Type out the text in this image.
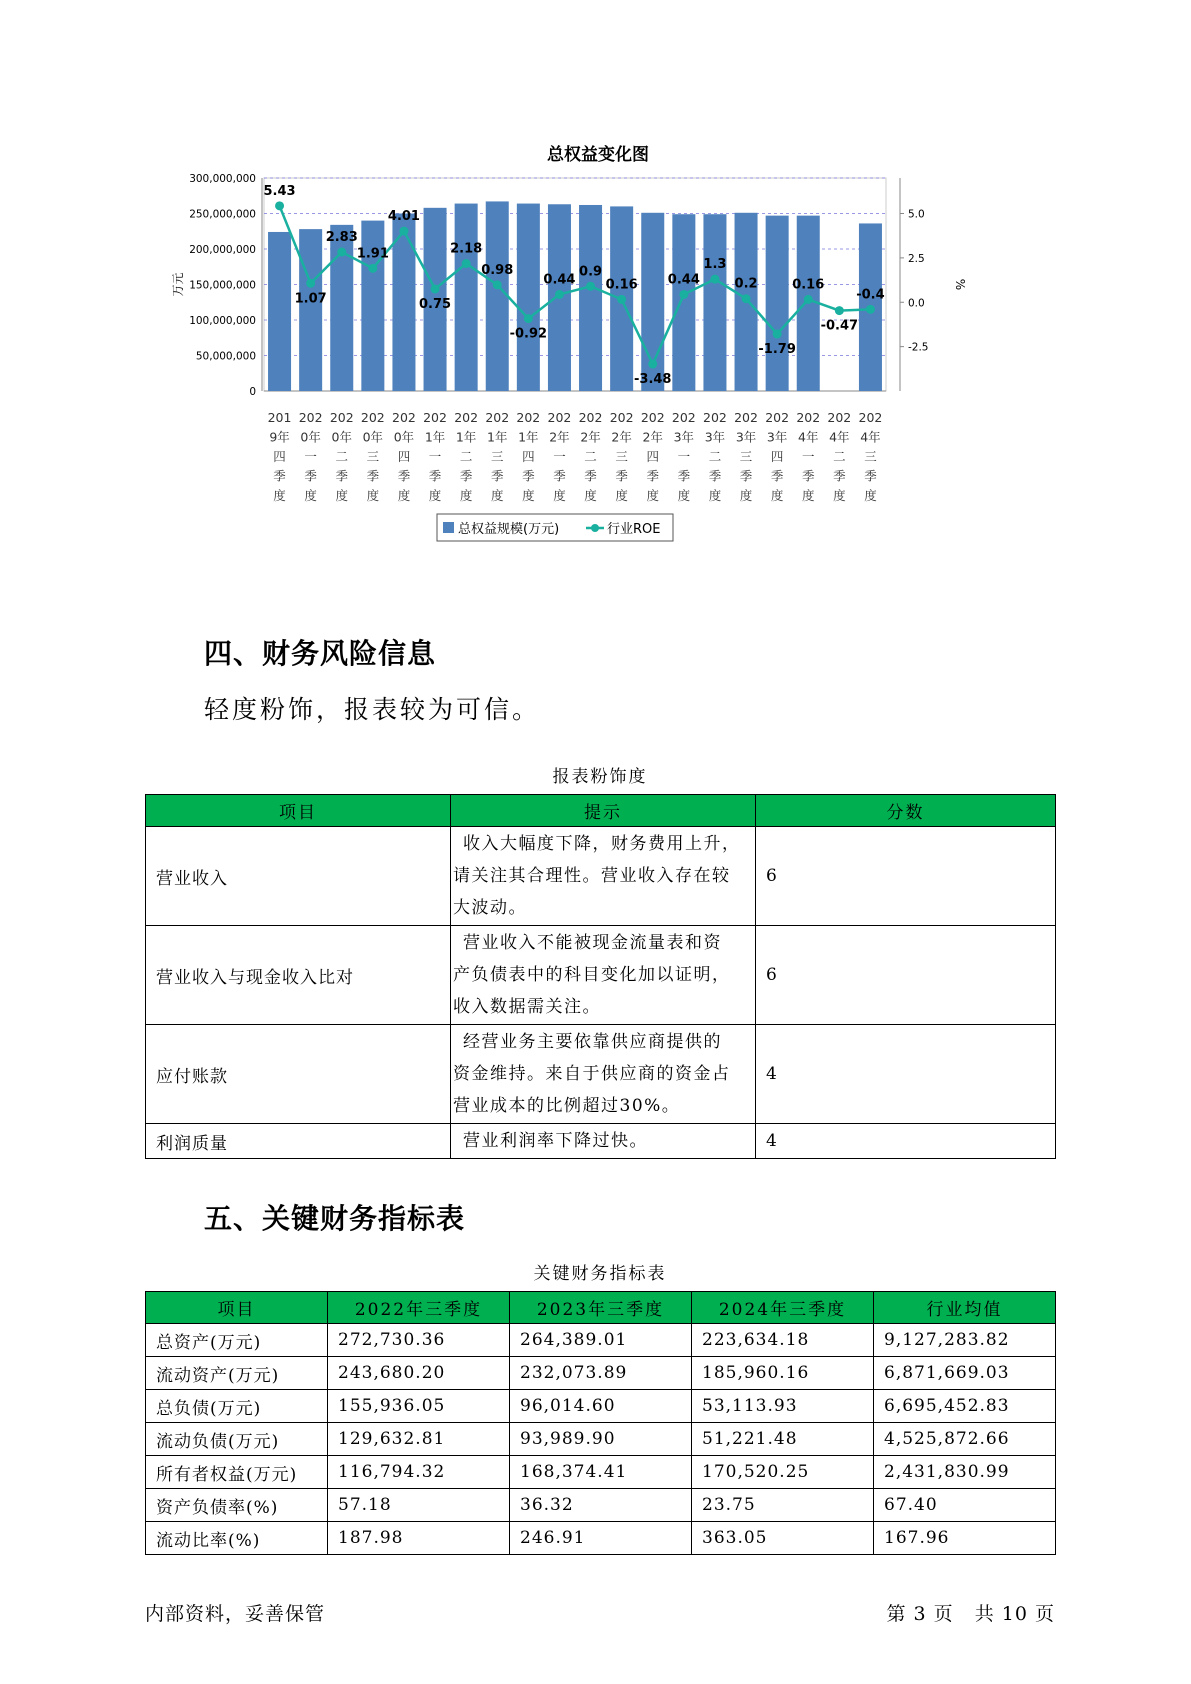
总权益变化图
0
50,000,000
100,000,000
150,000,000
200,000,000
250,000,000
300,000,000
-2.5
0.0
2.5
5.0
万元	%
201 9年四季度
202 0年一季度
202 0年二季度
202 0年三季度
202 0年四季度
202 1年一季度
202 1年二季度
202 1年三季度
202 1年四季度
202 2年一季度
202 2年二季度
202 2年三季度
202 2年四季度
202 3年一季度
202 3年二季度
202 3年三季度
202 3年四季度
202 4年一季度
202 4年二季度
202 4年三季度
5.43
1.07
2.83
1.91
4.01
0.75
2.18
0.98
-0.92
0.44
0.9
0.16
-3.48
0.44
1.3
0.2
-1.79
0.16
-0.47
-0.4
总权益规模(万元)	行业ROE
四、财务风险信息
轻度粉饰，报表较为可信。
报表粉饰度
项目	提示	分数
营业收入	收入大幅度下降，财务费用上升，
请关注其合理性。营业收入存在较
大波动。	6
营业收入与现金收入比对	营业收入不能被现金流量表和资
产负债表中的科目变化加以证明，
收入数据需关注。	6
应付账款	经营业务主要依靠供应商提供的
资金维持。来自于供应商的资金占
营业成本的比例超过30%。	4
利润质量	营业利润率下降过快。	4
五、关键财务指标表
关键财务指标表
项目	2022年三季度	2023年三季度	2024年三季度	行业均值
总资产(万元)	272,730.36	264,389.01	223,634.18	9,127,283.82
流动资产(万元)	243,680.20	232,073.89	185,960.16	6,871,669.03
总负债(万元)	155,936.05	96,014.60	53,113.93	6,695,452.83
流动负债(万元)	129,632.81	93,989.90	51,221.48	4,525,872.66
所有者权益(万元)	116,794.32	168,374.41	170,520.25	2,431,830.99
资产负债率(%)	57.18	36.32	23.75	67.40
流动比率(%)	187.98	246.91	363.05	167.96
内部资料，妥善保管	第 3 页   共 10 页
